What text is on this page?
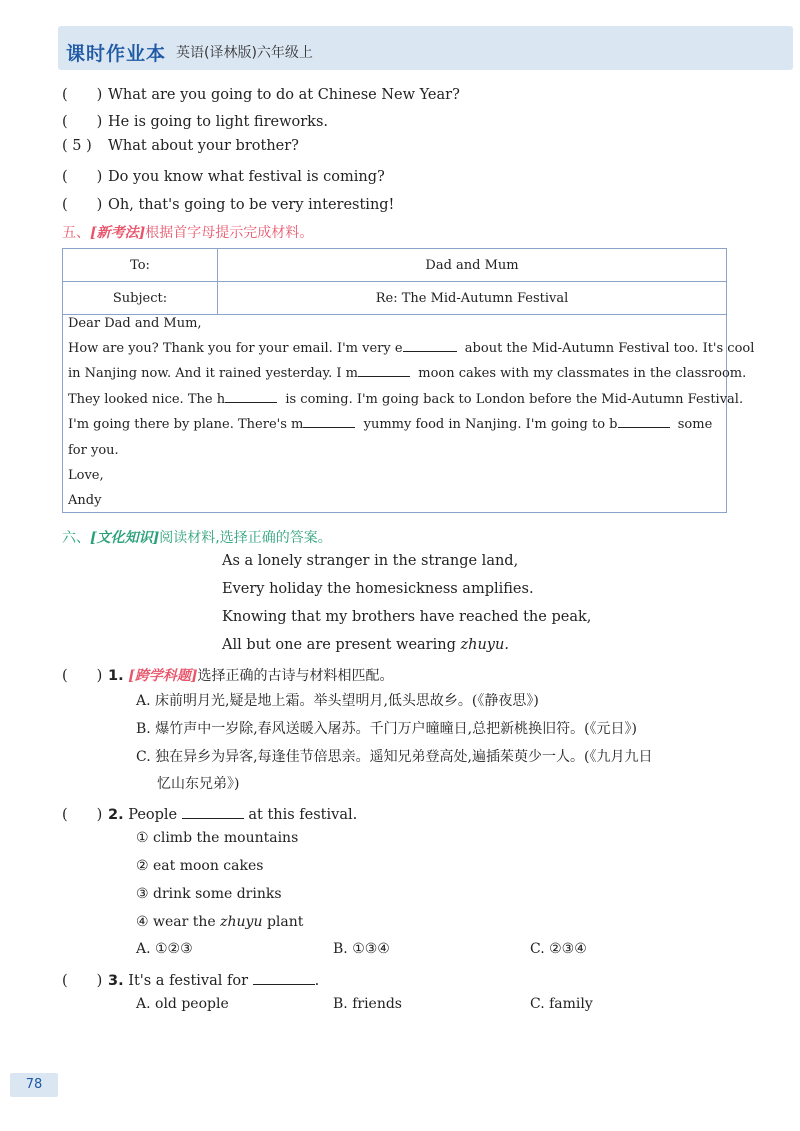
课时作业本 英语(译林版)六年级上
(　　) What are you going to do at Chinese New Year?
(　　) He is going to light fireworks.
( 5 ) What about your brother?
(　　) Do you know what festival is coming?
(　　) Oh, that's going to be very interesting!
五、[新考法]根据首字母提示完成材料。
To:	Dad and Mum
Subject:	Re: The Mid-Autumn Festival
Dear Dad and Mum,
How are you? Thank you for your email. I'm very e	about the Mid-Autumn Festival too. It's cool
in Nanjing now. And it rained yesterday. I m	moon cakes with my classmates in the classroom.
They looked nice. The h	is coming. I'm going back to London before the Mid-Autumn Festival.
I'm going there by plane. There's m	yummy food in Nanjing. I'm going to b	some
for you.
Love,
Andy
六、[文化知识]阅读材料,选择正确的答案。
As a lonely stranger in the strange land,
Every holiday the homesickness amplifies.
Knowing that my brothers have reached the peak,
All but one are present wearing zhuyu.
(　　) 1. [跨学科题]选择正确的古诗与材料相匹配。
A. 床前明月光,疑是地上霜。举头望明月,低头思故乡。(《静夜思》)
B. 爆竹声中一岁除,春风送暖入屠苏。千门万户曈曈日,总把新桃换旧符。(《元日》)
C. 独在异乡为异客,每逢佳节倍思亲。遥知兄弟登高处,遍插茱萸少一人。(《九月九日
忆山东兄弟》)
(　　) 2. People	at this festival.
① climb the mountains
② eat moon cakes
③ drink some drinks
④ wear the zhuyu plant
A. ①②③	B. ①③④	C. ②③④
(　　) 3. It's a festival for	.
A. old people	B. friends	C. family
78
